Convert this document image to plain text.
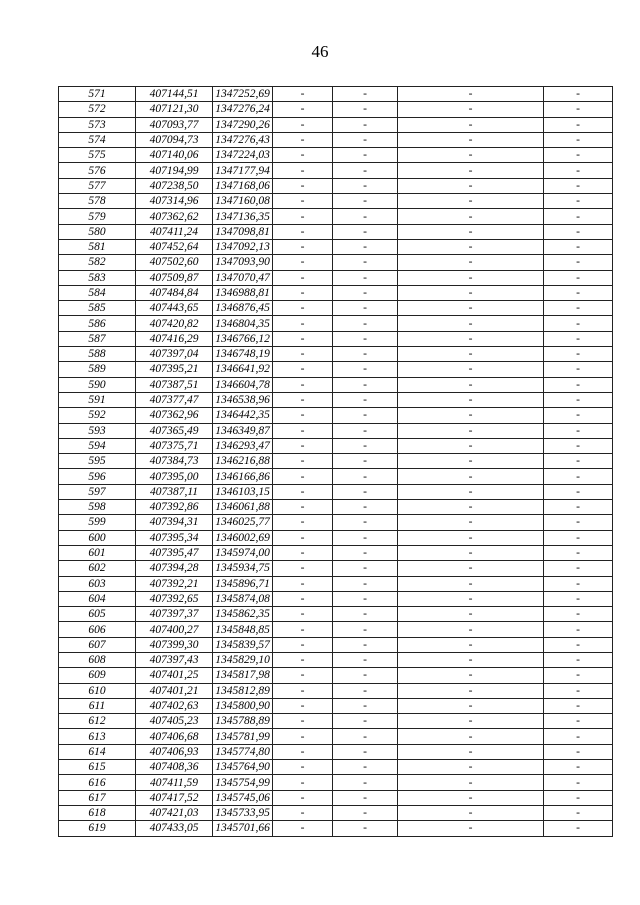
46
571	407144,51	1347252,69	-	-	-	-
572	407121,30	1347276,24	-	-	-	-
573	407093,77	1347290,26	-	-	-	-
574	407094,73	1347276,43	-	-	-	-
575	407140,06	1347224,03	-	-	-	-
576	407194,99	1347177,94	-	-	-	-
577	407238,50	1347168,06	-	-	-	-
578	407314,96	1347160,08	-	-	-	-
579	407362,62	1347136,35	-	-	-	-
580	407411,24	1347098,81	-	-	-	-
581	407452,64	1347092,13	-	-	-	-
582	407502,60	1347093,90	-	-	-	-
583	407509,87	1347070,47	-	-	-	-
584	407484,84	1346988,81	-	-	-	-
585	407443,65	1346876,45	-	-	-	-
586	407420,82	1346804,35	-	-	-	-
587	407416,29	1346766,12	-	-	-	-
588	407397,04	1346748,19	-	-	-	-
589	407395,21	1346641,92	-	-	-	-
590	407387,51	1346604,78	-	-	-	-
591	407377,47	1346538,96	-	-	-	-
592	407362,96	1346442,35	-	-	-	-
593	407365,49	1346349,87	-	-	-	-
594	407375,71	1346293,47	-	-	-	-
595	407384,73	1346216,88	-	-	-	-
596	407395,00	1346166,86	-	-	-	-
597	407387,11	1346103,15	-	-	-	-
598	407392,86	1346061,88	-	-	-	-
599	407394,31	1346025,77	-	-	-	-
600	407395,34	1346002,69	-	-	-	-
601	407395,47	1345974,00	-	-	-	-
602	407394,28	1345934,75	-	-	-	-
603	407392,21	1345896,71	-	-	-	-
604	407392,65	1345874,08	-	-	-	-
605	407397,37	1345862,35	-	-	-	-
606	407400,27	1345848,85	-	-	-	-
607	407399,30	1345839,57	-	-	-	-
608	407397,43	1345829,10	-	-	-	-
609	407401,25	1345817,98	-	-	-	-
610	407401,21	1345812,89	-	-	-	-
611	407402,63	1345800,90	-	-	-	-
612	407405,23	1345788,89	-	-	-	-
613	407406,68	1345781,99	-	-	-	-
614	407406,93	1345774,80	-	-	-	-
615	407408,36	1345764,90	-	-	-	-
616	407411,59	1345754,99	-	-	-	-
617	407417,52	1345745,06	-	-	-	-
618	407421,03	1345733,95	-	-	-	-
619	407433,05	1345701,66	-	-	-	-
